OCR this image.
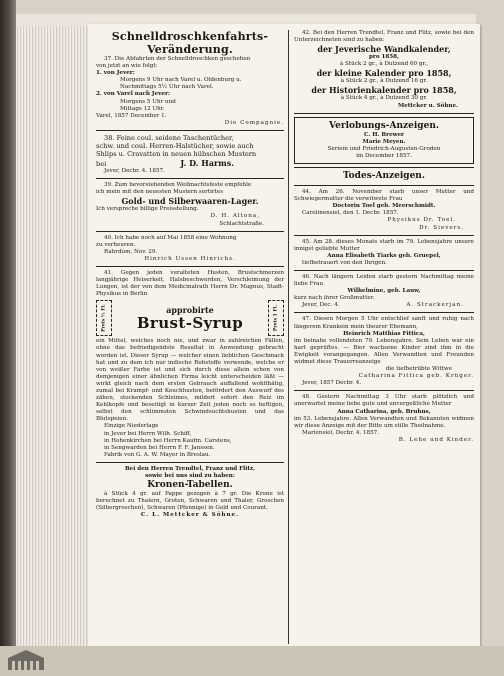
Schnelldroschkenfahrts-

Veränderung.

37. Die Abfahrten der Schnelldroschken geschehen

von jetzt an wie folgt:

1. von Jever:

Morgens 9 Uhr nach Varel u. Oldenburg u.

Nachmittags 5½ Uhr nach Varel.

2. von Varel nach Jever:

Morgens 5 Uhr und

Mittags 12 Uhr.

Varel, 1857 December 1.

Die Compagnie.

38. Feine coul. seidene Taschentücher,

schw. und coul. Herren-Halstücher, sowie auch

Shlips u. Cravatten in neuen hübschen Mustern

bei	J. D. Harms.

Jever, Decbr. 4. 1857.

39. Zum bevorstehenden Weihnachtsfeste empfehle

ich mein mit den neuesten Mustern sortirtes

Gold- und Silberwaaren-Lager.

Ich verspreche billige Preisstellung.

D. H. Altona,

Schlachtstraße.

40. Ich habe noch auf Mai 1858 eine Wohnung

zu verheuren.

Rahrdum, Nov. 29.

Hinrich Ussen Hinrichs.

41. Gegen jeden veralteten Husten, Brustschmerzen langjährige Heiserkeit, Halsbeschwerden, Verschleimung der Lungen, ist der von dem Medicinalrath Herrn Dr. Magnus, Stadt-Physikus in Berlin

Preis ½ Fl.	approbirte

Brust-Syrup	Preis 1 Fl.

ein Mittel, welches noch nie, und zwar in zahlreichen Fällen, ohne das befriedigendste Resultat in Anwendung gebracht worden ist. Dieser Syrup — welcher einen lieblichen Geschmack hat und zu dem ich nur indische Rohstoffe verwende, welche er von weißer Farbe ist und sich durch diese allein schon von demjenigen einer ähnlichen Firma leicht unterscheiden läßt — wirkt gleich nach dem ersten Gebrauch auffallend wohlthätig, zumal bei Krampf- und Keuchhusten, befördert den Auswurf des zähen, stockenden Schleimes, mildert sofort den Reiz im Kehlkopfe und beseitigt in kurzer Zeit jeden noch so heftigen, selbst den schlimmsten Schwindsuchtshusten und das Blutspeien.

Einzige Niederlage

in Jever bei Herrn Wilh. Schiff,

in Hohenkirchen bei Herrn Kaufm. Carstens,

in Sengwarden bei Herrn F. F. Janssen.

Fabrik von G. A. W. Mayer in Breslau.

Bei den Herren Trendtel, Franz und Flitz,

sowie bei uns sind zu haben:

Kronen-Tabellen.

à Stück 4 gr. auf Pappe gezogen à 7 gr. Die Krone ist berechnet zu Thalern, Groten, Schwaren und Thaler, Groschen (Silbergroschen), Schwaren (Pfennige) in Gold und Courant.

C. L. Mettcker & Söhne.

42. Bei den Herren Trendtel, Franz und Flitz, sowie bei den Unterzeichneten sind zu haben:

der Jeverische Wandkalender,

pro 1858,

à Stück 2 gr., à Dutzend 60 gr.,

der kleine Kalender pro 1858,

à Stück 2 gr., à Dutzend 16 gr.

der Historienkalender pro 1858,

à Stück 4 gr., à Dutzend 30 gr.

Mettcker u. Söhne.

Verlobungs-Anzeigen.

C. H. Brewer

Marie Meyen.

Seriem und Friedrich-Augusten-Groden

im December 1857.

Todes-Anzeigen.

44. Am 26. November starb unser Mutter und Schwiegermutter die verwitwete Frau

Doctorin Toel geb. Meerschmidt.

Carolinensiel, den 1. Decbr. 1857.

Physikus Dr. Toel.

Dr. Sievers.

45. Am 28. dieses Monats starb im 79. Lebensjahre unsere innigst geliebte Mutter

Anna Elisabeth Tiarks geb. Gruepel,

tiefbetrauert von den Ihrigen.

46. Nach längern Leiden starb gestern Nachmittag meine liebe Frau

Wilhelmine, geb. Lauw,

kurz nach ihrer Großmutter.

Jever, Dec. 4.	A. Strackerjan.

47. Diesen Morgen 5 Uhr entschlief sanft und ruhig nach längerem Krankein mein theurer Ehemann,

Heinrich Matthias Fittica,

im beinahe vollendeten 79. Lebensjahre. Sein Leben war ein hart geprüftes. — Bier wachsene Kinder sind ihm in die Ewigkeit vorangegangen. Allen Verwandten und Freunden widmet diese Trauerreanzeige

die tiefbetrübte Wittwe

Catharina Fittica geb. Krüger.

Jever, 1857 Decbr. 4.

48. Gestern Nachmittag 3 Uhr starb plötzlich und unerwartet meine liebe gute und unvergeßliche Mutter

Anna Catharina, geb. Bruhns,

im 53. Lebensjahre. Allen Verwandten und Bekannten widmen wir diese Anzeige mit der Bitte um stille Theilnahme.

Mariensiel, Decbr. 4. 1857.

B. Lehe und Kinder.
